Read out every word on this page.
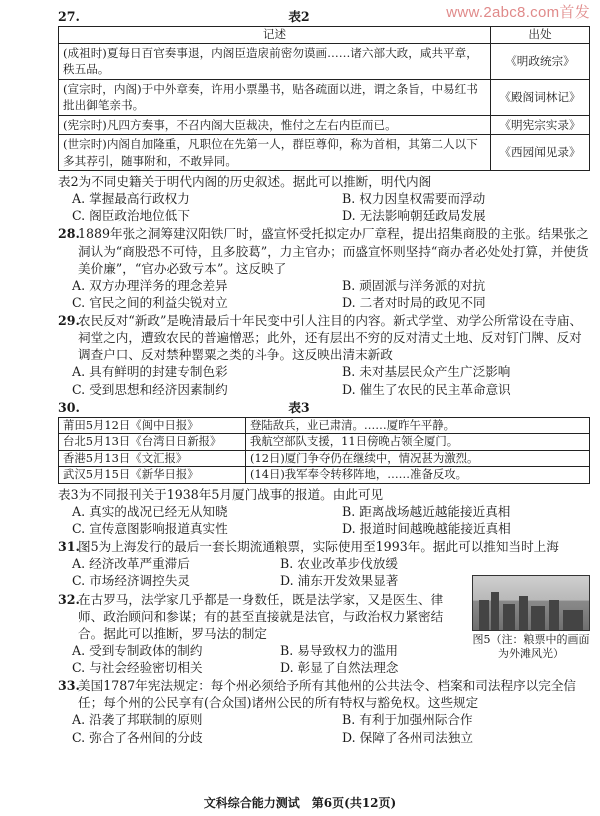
www.2abc8.com首发
27.	表2
记述	出处
(成祖时)夏每日百官奏事退，内阁臣造扆前密勿谟画……诸六部大政，咸共平章，秩五品。	《明政统宗》
(宣宗时，内阁)于中外章奏，许用小票墨书，贴各疏面以进，谓之条旨，中易红书批出御笔亲书。	《殿阁词林记》
(宪宗时)凡四方奏事，不召内阁大臣裁决，惟付之左右内臣而已。	《明宪宗实录》
(世宗时)内阁自加隆重，凡职位在先第一人，群臣尊仰，称为首相，其第二人以下多其荐引，随事附和，不敢异同。	《西园闻见录》
表2为不同史籍关于明代内阁的历史叙述。据此可以推断，明代内阁
A. 掌握最高行政权力	B. 权力因皇权需要而浮动
C. 阁臣政治地位低下	D. 无法影响朝廷政局发展
28.
1889年张之洞筹建汉阳铁厂时，盛宣怀受托拟定办厂章程，提出招集商股的主张。结果张之洞认为“商股恐不可恃，且多胶葛”，力主官办；而盛宣怀则坚持“商办者必处处打算，并使货美价廉”，“官办必致亏本”。这反映了
A. 双方办理洋务的理念差异	B. 顽固派与洋务派的对抗
C. 官民之间的利益尖锐对立	D. 二者对时局的政见不同
29.
农民反对“新政”是晚清最后十年民变中引人注目的内容。新式学堂、劝学公所常设在寺庙、祠堂之内，遭致农民的普遍憎恶；此外，还有层出不穷的反对清丈土地、反对钉门牌、反对调查户口、反对禁种罂粟之类的斗争。这反映出清末新政
A. 具有鲜明的封建专制色彩	B. 未对基层民众产生广泛影响
C. 受到思想和经济因素制约	D. 催生了农民的民主革命意识
30.	表3
莆田5月12日《闽中日报》	登陆敌兵，业已肃清。……厦昨午平静。
台北5月13日《台湾日日新报》	我航空部队支援，11日傍晚占领全厦门。
香港5月13日《文汇报》	(12日)厦门争夺仍在继续中，情况甚为激烈。
武汉5月15日《新华日报》	(14日)我军奉令转移阵地，……准备反攻。
表3为不同报刊关于1938年5月厦门战事的报道。由此可见
A. 真实的战况已经无从知晓	B. 距离战场越近越能接近真相
C. 宣传意图影响报道真实性	D. 报道时间越晚越能接近真相
31.
图5为上海发行的最后一套长期流通粮票，实际使用至1993年。据此可以推知当时上海
A. 经济改革严重滞后	B. 农业改革步伐放缓
C. 市场经济调控失灵	D. 浦东开发效果显著
32.
在古罗马，法学家几乎都是一身数任，既是法学家，又是医生、律师、政治顾问和参谋；有的甚至直接就是法官，与政治权力紧密结合。据此可以推断，罗马法的制定
A. 受到专制政体的制约	B. 易导致权力的滥用
C. 与社会经验密切相关	D. 彰显了自然法理念
图5（注：粮票中的画面为外滩风光）
33.
美国1787年宪法规定：每个州必须给予所有其他州的公共法令、档案和司法程序以完全信任；每个州的公民享有(合众国)诸州公民的所有特权与豁免权。这些规定
A. 沿袭了邦联制的原则	B. 有利于加强州际合作
C. 弥合了各州间的分歧	D. 保障了各州司法独立
文科综合能力测试　第6页(共12页)
